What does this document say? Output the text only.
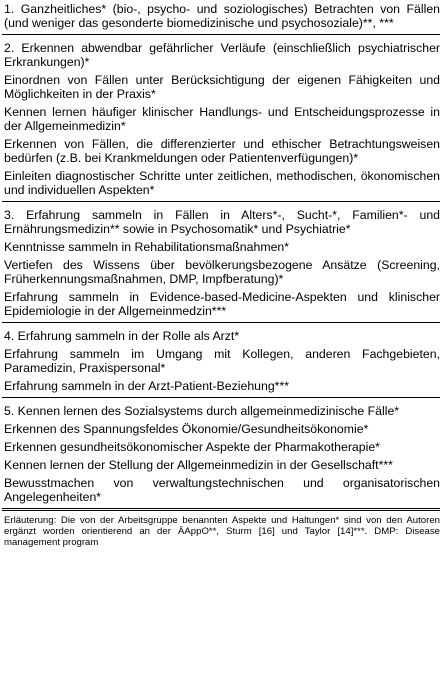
1. Ganzheitliches* (bio-, psycho- und soziologisches) Betrachten von Fällen (und weniger das gesonderte biomedizinische und psychosoziale)**, ***
2. Erkennen abwendbar gefährlicher Verläufe (einschließlich psychiatrischer Erkrankungen)*
Einordnen von Fällen unter Berücksichtigung der eigenen Fähigkeiten und Möglichkeiten in der Praxis*
Kennen lernen häufiger klinischer Handlungs- und Entscheidungsprozesse in der Allgemeinmedizin*
Erkennen von Fällen, die differenzierter und ethischer Betrachtungsweisen bedürfen (z.B. bei Krankmeldungen oder Patientenverfügungen)*
Einleiten diagnostischer Schritte unter zeitlichen, methodischen, ökonomischen und individuellen Aspekten*
3. Erfahrung sammeln in Fällen in Alters*-, Sucht-*, Familien*- und Ernährungsmedizin** sowie in Psychosomatik* und Psychiatrie*
Kenntnisse sammeln in Rehabilitationsmaßnahmen*
Vertiefen des Wissens über bevölkerungsbezogene Ansätze (Screening, Früherkennungsmaßnahmen, DMP, Impfberatung)*
Erfahrung sammeln in Evidence-based-Medicine-Aspekten und klinischer Epidemiologie in der Allgemeinmedzin***
4. Erfahrung sammeln in der Rolle als Arzt*
Erfahrung sammeln im Umgang mit Kollegen, anderen Fachgebieten, Paramedizin, Praxispersonal*
Erfahrung sammeln in der Arzt-Patient-Beziehung***
5. Kennen lernen des Sozialsystems durch allgemeinmedizinische Fälle*
Erkennen des Spannungsfeldes Ökonomie/Gesundheitsökonomie*
Erkennen gesundheitsökonomischer Aspekte der Pharmakotherapie*
Kennen lernen der Stellung der Allgemeinmedizin in der Gesellschaft***
Bewusstmachen von verwaltungstechnischen und organisatorischen Angelegenheiten*
Erläuterung: Die von der Arbeitsgruppe benannten Aspekte und Haltungen* sind von den Autoren ergänzt worden orientierend an der ÄAppO**, Sturm [16] und Taylor [14]***. DMP: Disease management program
